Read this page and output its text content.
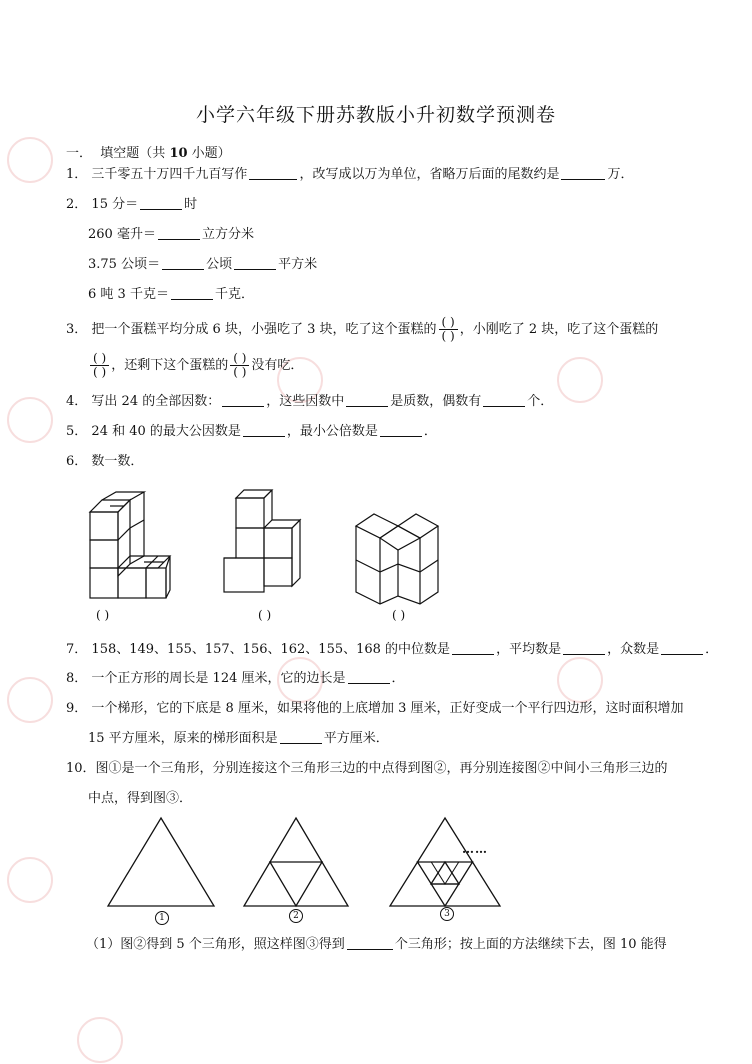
小学六年级下册苏教版小升初数学预测卷
一． 填空题（共 10 小题）
1． 三千零五十万四千九百写作	，改写成以万为单位，省略万后面的尾数约是	万．
2． 15 分＝	时
260 毫升＝	立方分米
3.75 公顷＝	公顷	平方米
6 吨 3 千克＝	千克．
3． 把一个蛋糕平均分成 6 块，小强吃了 3 块，吃了这个蛋糕的 $\frac{( )}{( )}$ ，小刚吃了 2 块，吃了这个蛋糕的
$\frac{( )}{( )}$ ，还剩下这个蛋糕的 $\frac{( )}{( )}$ 没有吃．
4． 写出 24 的全部因数：	，这些因数中	是质数，偶数有	个．
5． 24 和 40 的最大公因数是	，最小公倍数是	．
6． 数一数．
( )	( )	( )
7． 158、149、155、157、156、162、155、168 的中位数是	，平均数是	，众数是	．
8． 一个正方形的周长是 124 厘米，它的边长是	．
9． 一个梯形，它的下底是 8 厘米，如果将他的上底增加 3 厘米，正好变成一个平行四边形，这时面积增加
15 平方厘米，原来的梯形面积是	平方厘米．
10．图①是一个三角形，分别连接这个三角形三边的中点得到图②，再分别连接图②中间小三角形三边的
中点，得到图③．
1	2
……
3
（1）图②得到 5 个三角形，照这样图③得到	个三角形；按上面的方法继续下去，图 10 能得
